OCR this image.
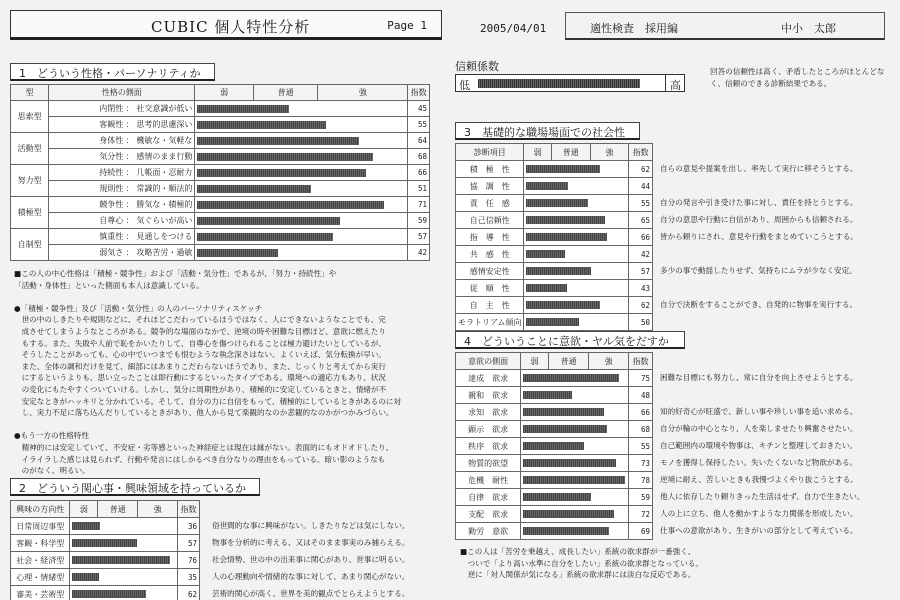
CUBIC 個人特性分析	Page 1	2005/04/01	適性検査　採用編	中小　太郎
1　どういう性格・パーソナリティか
型	性格の側面	弱	普通	強	指数
思索型	内閉性 ： 社交意識が低い				45
	客観性 ： 思考的思慮深い				55
活動型	身体性 ： 機敏な・気軽な				64
	気分性 ： 感情のまま行動				68
努力型	持続性 ： 几帳面・忍耐力				66
	規則性 ： 常識的・順法的				51
積極型	競争性 ： 勝気な・積極的				71
	自尊心 ： 気ぐらいが高い				59
自制型	慎重性 ： 見通しをつける				57
	弱気さ ： 攻略苦労・過敏				42
■この人の中心性格は「積極・競争性」および「活動・気分性」であるが、「努力・持続性」や
「活動・身体性」といった側面も本人は意識している。

●「積極・競争性」及び「活動・気分性」の人のパーソナリティスケッチ
　世の中のしきたりや規則などに、それほどこだわっているほうではなく、人にできないようなことでも、完
　成させてしまうようなところがある。競争的な場面のなかで、逆境の時や困難な目標ほど、意欲に燃えたり
　もする。また、失敗や人前で恥をかいたりして、自尊心を傷つけられることは極力避けたいとしているが、
　そうしたことがあっても、心の中でいつまでも恨むような執念深さはない。よくいえば、気分転換が早い。
　また、全体の調和だけを見て、細部にはあまりこだわらないほうであり、また、じっくりと考えてから実行
　にするというよりも、思い立ったことは即行動にするといったタイプである。環境への適応力もあり、状況
　の変化にもたやすくついていける。しかし、気分に周期性があり、積極的に安定しているときと、情緒が不
　安定なときがハッキリと分かれている。そして、自分の力に自信をもって、積極的にしているときがあるのに対
　し、実力不足に落ち込んだりしているときがあり、他人から見て楽観的なのか悲観的なのかがつかみづらい。

●もう一方の性格特性
　精神的には安定していて、不安症・劣等感といった神経症とは現在は縁がない。表面的にもオドオドしたり、
　イライラした感じは見られず、行動や発言にはしかるべき自分なりの理由をもっている。暗い影のようなも
　のがなく、明るい。
2　どういう関心事・興味領域を持っているか
興味の方向性	弱	普通	強	指数
日常周辺事型				36
客観・科学型				57
社会・経済型				76
心理・情緒型				35
審美・芸術型				62
俗世間的な事に興味がない。しきたりなどは気にしない。
物事を分析的に考える、又はそのまま事実のみ捕らえる。
社会情勢、世の中の出来事に関心があり、世事に明るい。
人の心理動向や情緒的な事に対して、あまり関心がない。
芸術的関心が高く、世界を美的観点でとらえようとする。
信頼係数
低	高
回答の信頼性は高く、矛盾したところがほとんどなく、信頼のできる診断結果である。
3　基礎的な職場場面での社会性
診断項目	弱	普通	強	指数
積　極　性				62
協　調　性				44
責　任　感				55
自己信頼性				65
指　導　性				66
共　感　性				42
感情安定性				57
従　順　性				43
自　主　性				62
モラトリアム傾向				50
自らの意見や提案を出し、率先して実行に移そうとする。
自分の発言や引き受けた事に対し、責任を持とうとする。
自分の意思や行動に自信があり、周囲からも信頼される。
皆から頼りにされ、意見や行動をまとめていこうとする。
多少の事で動揺したりせず、気持ちにムラが少なく安定。
自分で決断をすることができ、自発的に物事を実行する。
4　どういうことに意欲・ヤル気をだすか
意欲の側面	弱	普通	強	指数
達成　欲求				75
親和　欲求				48
求知　欲求				66
顕示　欲求				68
秩序　欲求				55
物質的欲望				73
危機　耐性				78
自律　欲求				59
支配　欲求				72
勤労　意欲				69
困難な目標にも努力し、常に自分を向上させようとする。
知的好奇心が旺盛で、新しい事や珍しい事を追い求める。
自分が輪の中心となり、人を楽しませたり興奮させたい。
自己範囲内の環境や物事は、キチンと整理しておきたい。
モノを獲得し保持したい。失いたくないなど物欲がある。
逆境に耐え、苦しいときも我慢づよくやり抜こうとする。
他人に依存したり頼りきった生活はせず、自力で生きたい。
人の上に立ち、他人を動かすような力関係を形成したい。
仕事への意欲があり、生きがいの部分として考えている。
■この人は「苦労を乗越え、成長したい」系統の欲求群が一番強く、
　ついで「より高い水準に自分をしたい」系統の欲求群となっている。
　逆に「対人関係が気になる」系統の欲求群には淡白な反応である。
